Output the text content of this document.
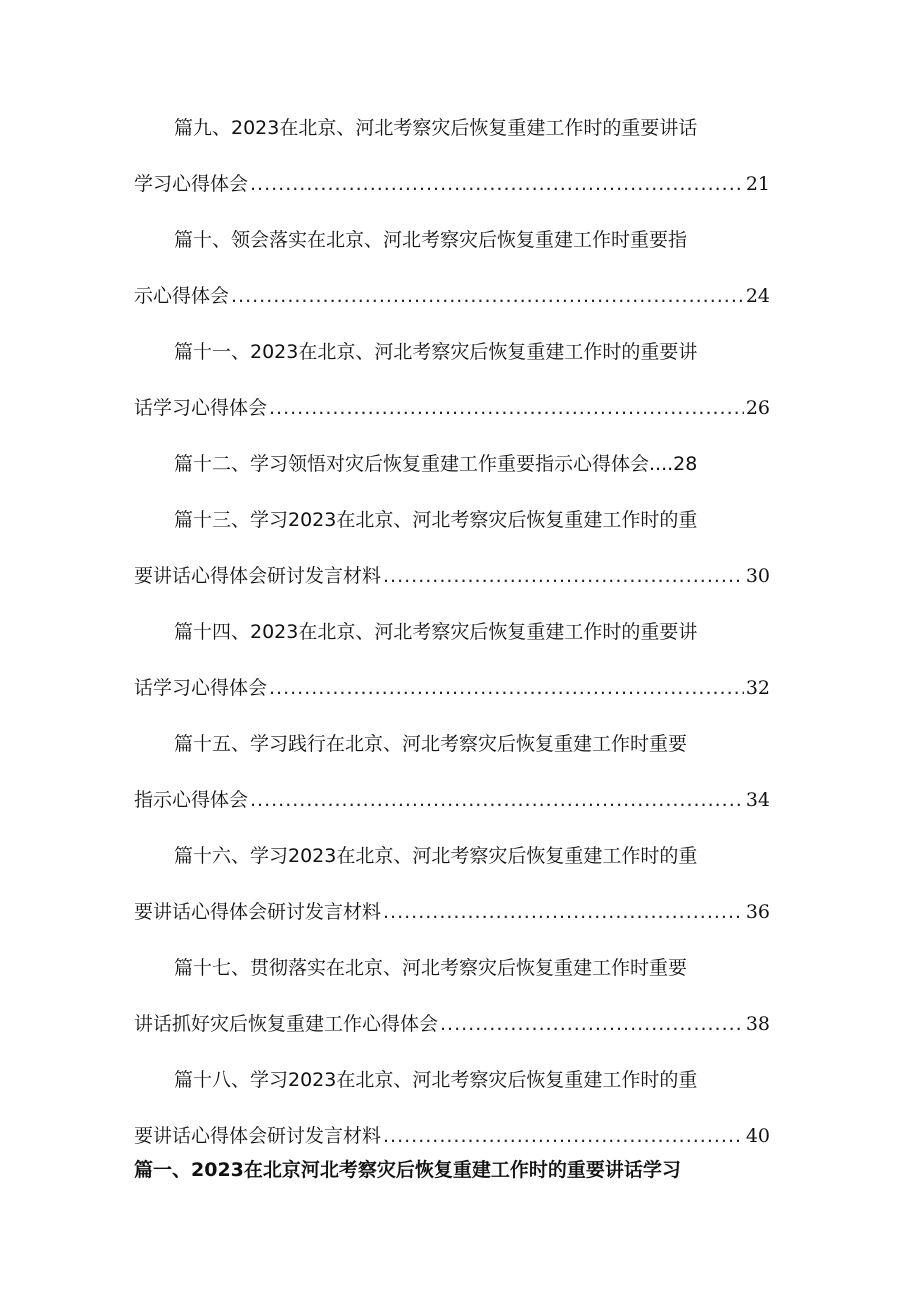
篇九、2023在北京、河北考察灾后恢复重建工作时的重要讲话
学习心得体会 .....	21
篇十、领会落实在北京、河北考察灾后恢复重建工作时重要指
示心得体会 .....	24
篇十一、2023在北京、河北考察灾后恢复重建工作时的重要讲
话学习心得体会 .....	26
篇十二、学习领悟对灾后恢复重建工作重要指示心得体会....28
篇十三、学习2023在北京、河北考察灾后恢复重建工作时的重
要讲话心得体会研讨发言材料 .....	30
篇十四、2023在北京、河北考察灾后恢复重建工作时的重要讲
话学习心得体会 .....	32
篇十五、学习践行在北京、河北考察灾后恢复重建工作时重要
指示心得体会 .....	34
篇十六、学习2023在北京、河北考察灾后恢复重建工作时的重
要讲话心得体会研讨发言材料 .....	36
篇十七、贯彻落实在北京、河北考察灾后恢复重建工作时重要
讲话抓好灾后恢复重建工作心得体会 .....	38
篇十八、学习2023在北京、河北考察灾后恢复重建工作时的重
要讲话心得体会研讨发言材料 .....	40
篇一、2023在北京河北考察灾后恢复重建工作时的重要讲话学习
